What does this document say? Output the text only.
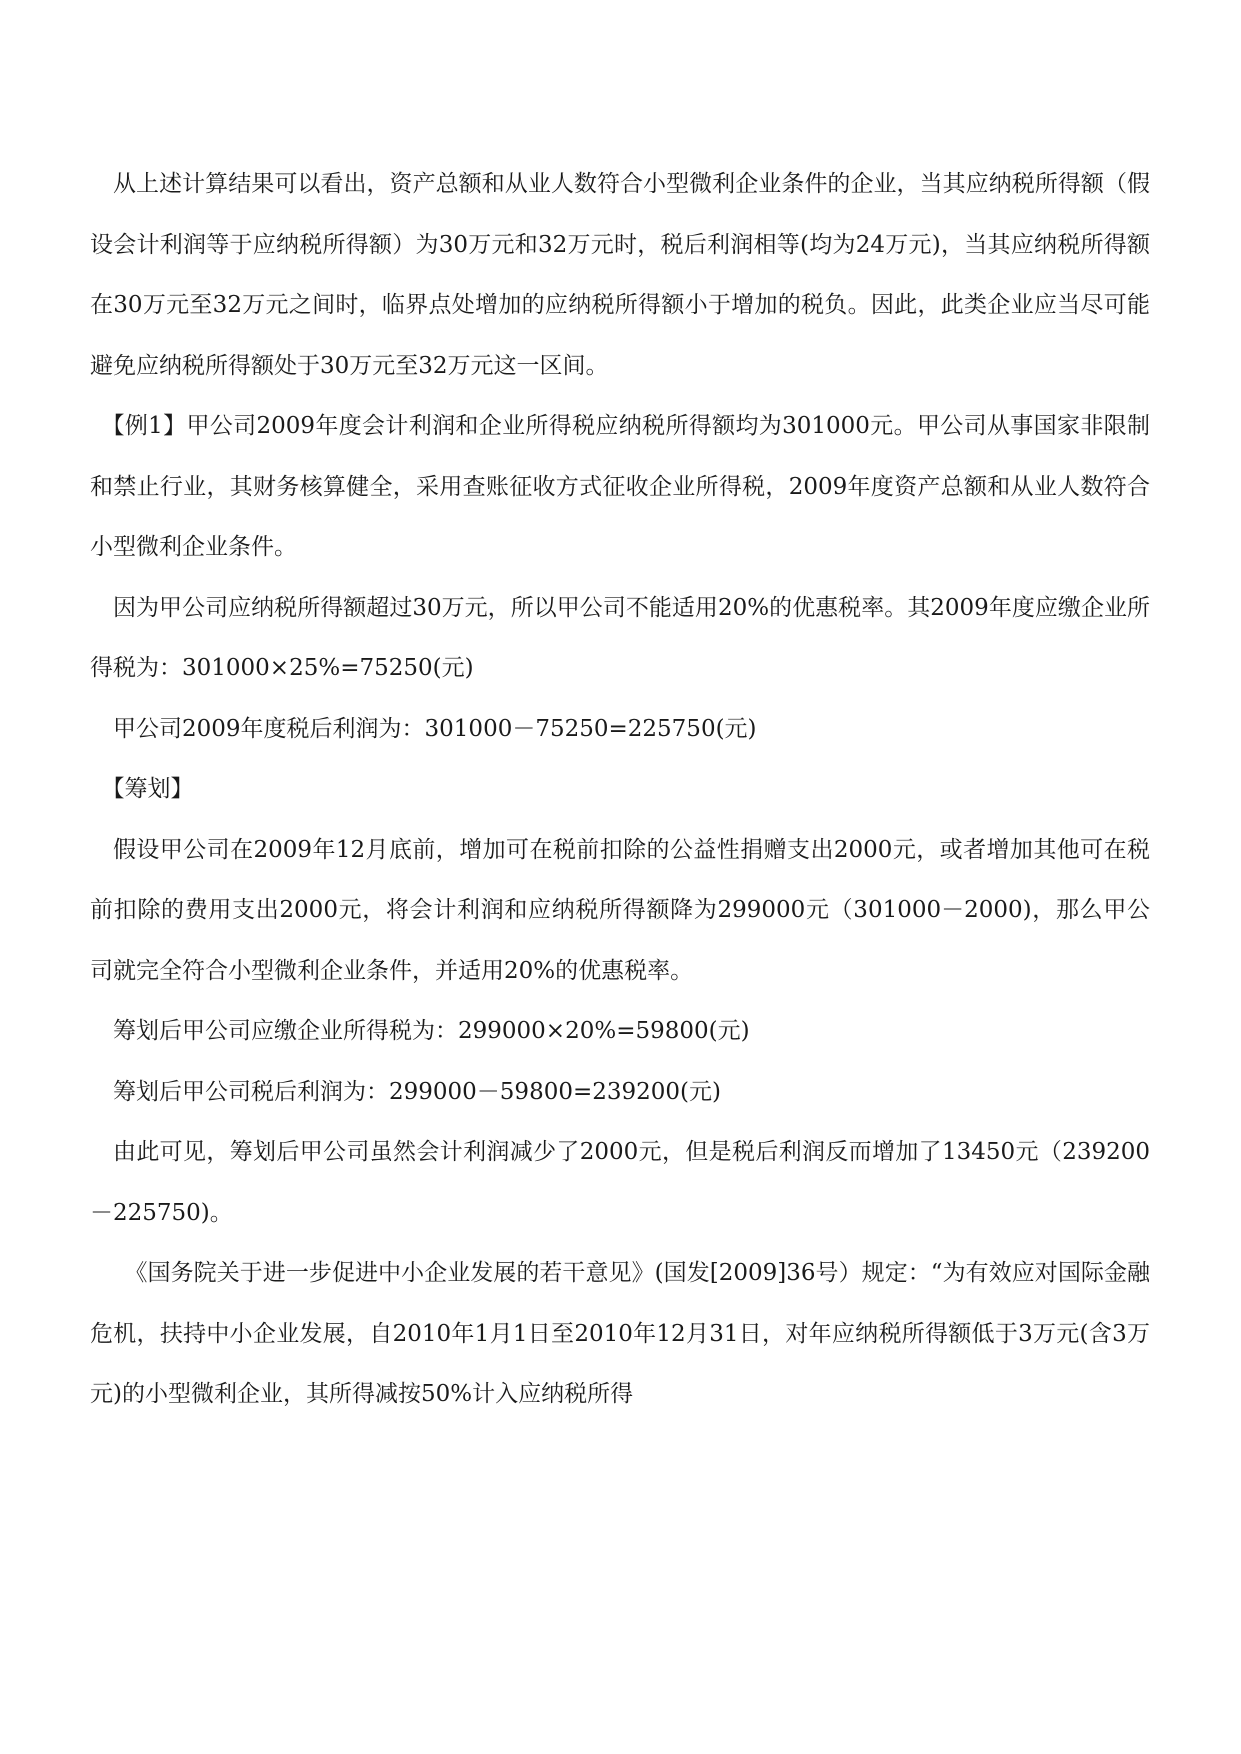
从上述计算结果可以看出，资产总额和从业人数符合小型微利企业条件的企业，当其应纳税所得额（假设会计利润等于应纳税所得额）为30万元和32万元时，税后利润相等(均为24万元)，当其应纳税所得额在30万元至32万元之间时，临界点处增加的应纳税所得额小于增加的税负。因此，此类企业应当尽可能避免应纳税所得额处于30万元至32万元这一区间。

【例1】甲公司2009年度会计利润和企业所得税应纳税所得额均为301000元。甲公司从事国家非限制和禁止行业，其财务核算健全，采用查账征收方式征收企业所得税，2009年度资产总额和从业人数符合小型微利企业条件。

因为甲公司应纳税所得额超过30万元，所以甲公司不能适用20%的优惠税率。其2009年度应缴企业所得税为：301000×25%=75250(元)

甲公司2009年度税后利润为：301000－75250=225750(元)

【筹划】

假设甲公司在2009年12月底前，增加可在税前扣除的公益性捐赠支出2000元，或者增加其他可在税前扣除的费用支出2000元，将会计利润和应纳税所得额降为299000元（301000－2000)，那么甲公司就完全符合小型微利企业条件，并适用20%的优惠税率。

筹划后甲公司应缴企业所得税为：299000×20%=59800(元)

筹划后甲公司税后利润为：299000－59800=239200(元)

由此可见，筹划后甲公司虽然会计利润减少了2000元，但是税后利润反而增加了13450元（239200－225750)。

《国务院关于进一步促进中小企业发展的若干意见》(国发[2009]36号）规定：“为有效应对国际金融危机，扶持中小企业发展，自2010年1月1日至2010年12月31日，对年应纳税所得额低于3万元(含3万元)的小型微利企业，其所得减按50%计入应纳税所得
